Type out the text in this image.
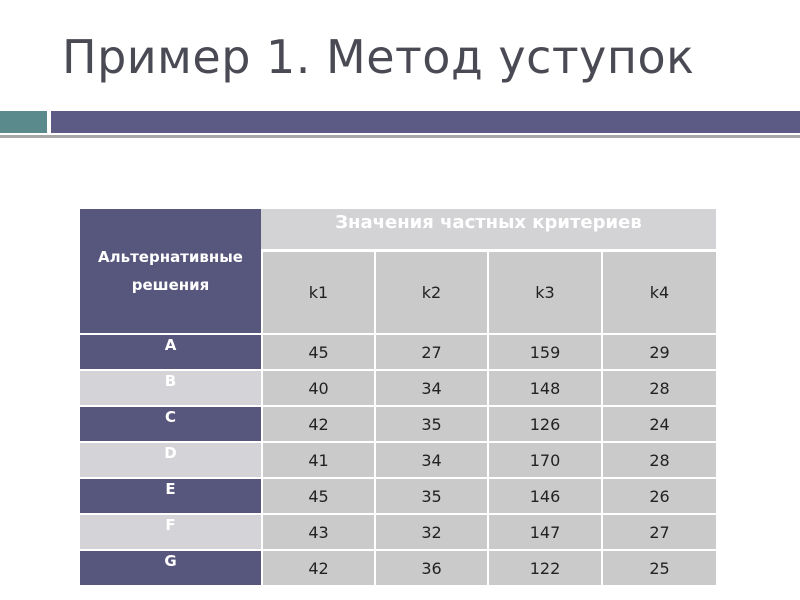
Пример 1. Метод уступок
Альтернативные решения
Значения частных критериев
k1	k2	k3	k4
A	45	27	159	29
B	40	34	148	28
C	42	35	126	24
D	41	34	170	28
E	45	35	146	26
F	43	32	147	27
G	42	36	122	25
